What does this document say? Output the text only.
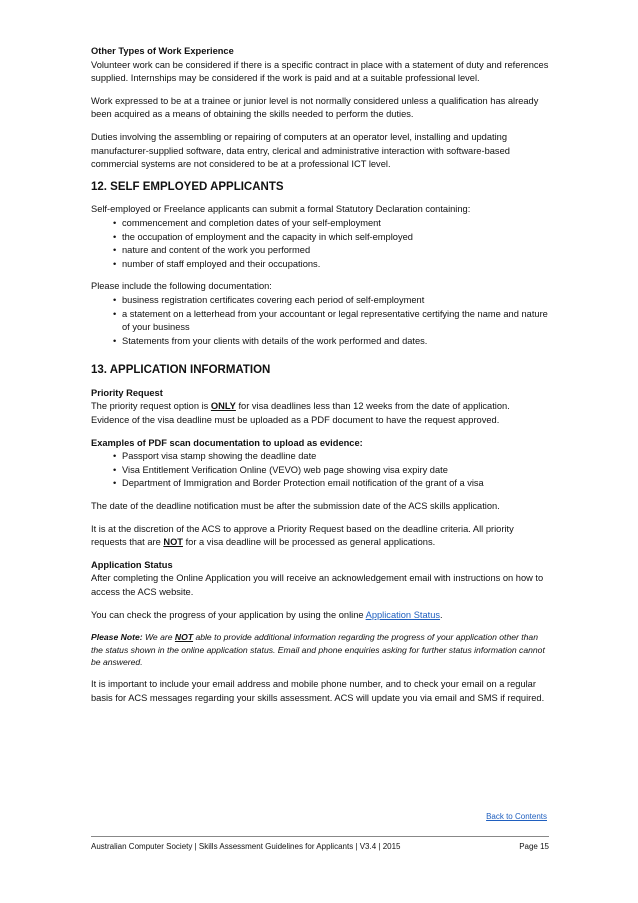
Other Types of Work Experience
Volunteer work can be considered if there is a specific contract in place with a statement of duty and references supplied. Internships may be considered if the work is paid and at a suitable professional level.

Work expressed to be at a trainee or junior level is not normally considered unless a qualification has already been acquired as a means of obtaining the skills needed to perform the duties.

Duties involving the assembling or repairing of computers at an operator level, installing and updating manufacturer-supplied software, data entry, clerical and administrative interaction with software-based commercial systems are not considered to be at a professional ICT level.

12. SELF EMPLOYED APPLICANTS
Self-employed or Freelance applicants can submit a formal Statutory Declaration containing:
• commencement and completion dates of your self-employment
• the occupation of employment and the capacity in which self-employed
• nature and content of the work you performed
• number of staff employed and their occupations.
Please include the following documentation:
• business registration certificates covering each period of self-employment
• a statement on a letterhead from your accountant or legal representative certifying the name and nature of your business
• Statements from your clients with details of the work performed and dates.
13. APPLICATION INFORMATION

Priority Request
The priority request option is ONLY for visa deadlines less than 12 weeks from the date of application. Evidence of the visa deadline must be uploaded as a PDF document to have the request approved.

Examples of PDF scan documentation to upload as evidence:
• Passport visa stamp showing the deadline date
• Visa Entitlement Verification Online (VEVO) web page showing visa expiry date
• Department of Immigration and Border Protection email notification of the grant of a visa

The date of the deadline notification must be after the submission date of the ACS skills application.

It is at the discretion of the ACS to approve a Priority Request based on the deadline criteria. All priority requests that are NOT for a visa deadline will be processed as general applications.

Application Status
After completing the Online Application you will receive an acknowledgement email with instructions on how to access the ACS website.

You can check the progress of your application by using the online Application Status.

Please Note: We are NOT able to provide additional information regarding the progress of your application other than the status shown in the online application status. Email and phone enquiries asking for further status information cannot be answered.

It is important to include your email address and mobile phone number, and to check your email on a regular basis for ACS messages regarding your skills assessment. ACS will update you via email and SMS if required.

Back to Contents
Australian Computer Society | Skills Assessment Guidelines for Applicants | V3.4 | 2015	Page 15
